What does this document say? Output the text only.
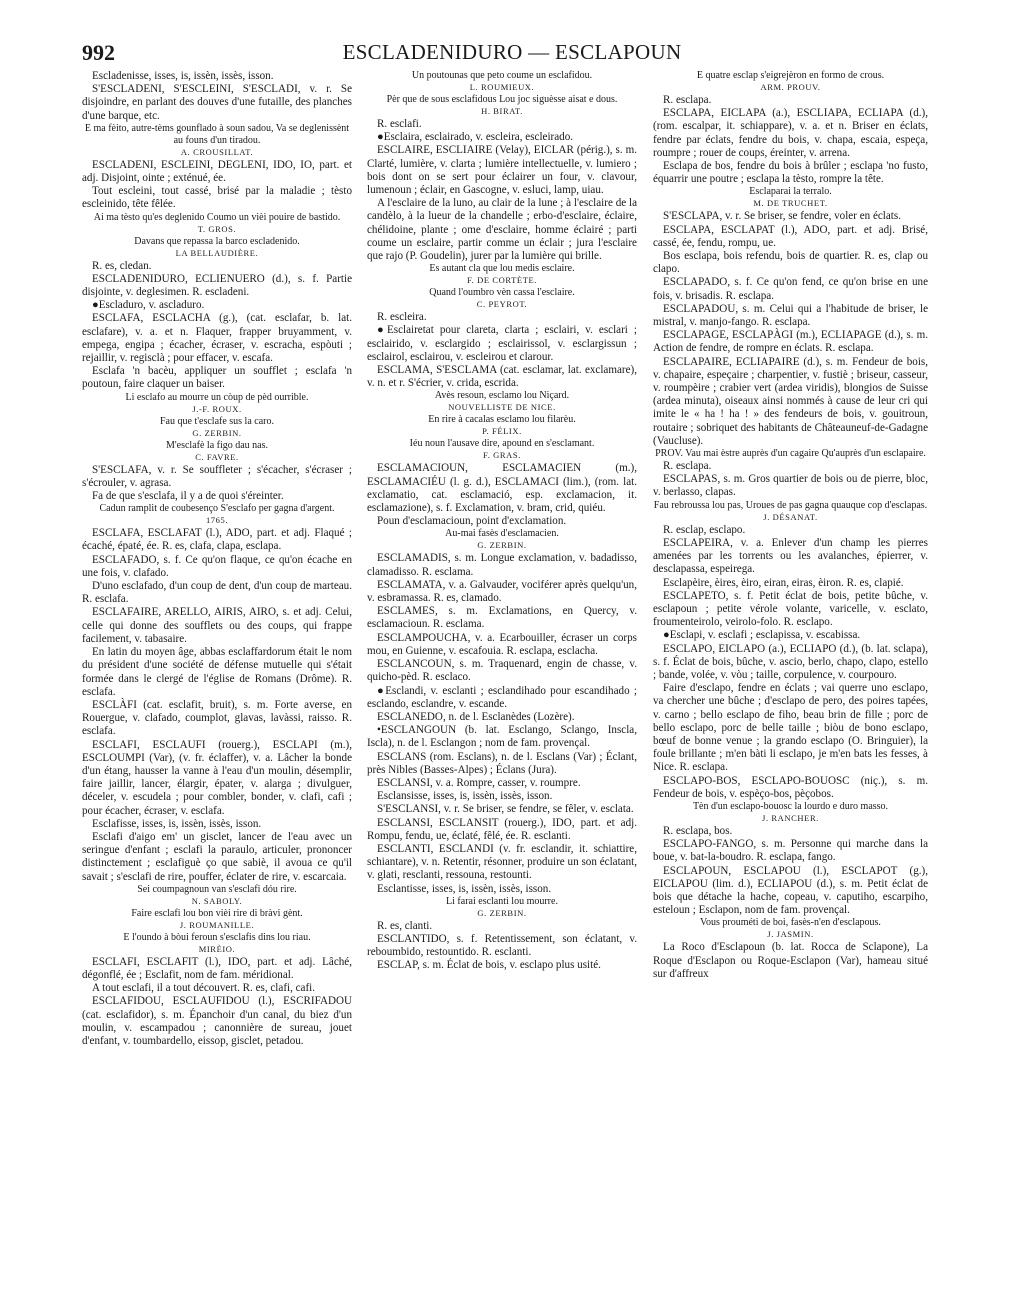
992	ESCLADENIDURO — ESCLAPOUN

Escladenisse, isses, is, issèn, issès, isson.

S'ESCLADENI, S'ESCLEINI, S'ESCLADI, v. r. Se disjoindre, en parlant des douves d'une futaille, des planches d'une barque, etc.

E ma fèito, autre-tèms gounflado à soun sadou, Va se deglenissènt au founs d'un tiradou.

A. CROUSILLAT.

ESCLADENI, ESCLEINI, DEGLENI, IDO, IO, part. et adj. Disjoint, ointe ; exténué, ée.

Tout escleini, tout cassé, brisé par la maladie ; tèsto escleinido, tête fêlée.

Ai ma tèsto qu'es deglenido Coumo un vièi pouire de bastido.

T. GROS.

Davans que repassa la barco escladenido.

LA BELLAUDIÈRE.

R. es, cledan.

ESCLADENIDURO, ECLIENUERO (d.), s. f. Partie disjointe, v. deglesimen. R. escladeni.

●Escladuro, v. ascladuro.

ESCLAFA, ESCLACHA (g.), (cat. esclafar, b. lat. esclafare), v. a. et n. Flaquer, frapper bruyamment, v. empega, engipa ; écacher, écraser, v. escracha, espòuti ; rejaillir, v. regisclà ; pour effacer, v. escafa.

Esclafa 'n bacèu, appliquer un soufflet ; esclafa 'n poutoun, faire claquer un baiser.

Li esclafo au mourre un còup de pèd ourrible.

J.-F. ROUX.

Fau que t'esclafe sus la caro.

G. ZERBIN.

M'esclafè la figo dau nas.

C. FAVRE.

S'ESCLAFA, v. r. Se souffleter ; s'écacher, s'écraser ; s'écrouler, v. agrasa.

Fa de que s'esclafa, il y a de quoi s'éreinter.

Cadun ramplit de coubesenço S'esclafo per gagna d'argent.

1765.

ESCLAFA, ESCLAFAT (l.), ADO, part. et adj. Flaqué ; écaché, épaté, ée. R. es, clafa, clapa, esclapa.

ESCLAFADO, s. f. Ce qu'on flaque, ce qu'on écache en une fois, v. clafado.

D'uno esclafado, d'un coup de dent, d'un coup de marteau. R. esclafa.

ESCLAFAIRE, ARELLO, AIRIS, AIRO, s. et adj. Celui, celle qui donne des soufflets ou des coups, qui frappe facilement, v. tabasaire.

En latin du moyen âge, abbas esclaffardorum était le nom du président d'une société de défense mutuelle qui s'était formée dans le clergé de l'église de Romans (Drôme). R. esclafa.

ESCLÀFI (cat. esclafit, bruit), s. m. Forte averse, en Rouergue, v. clafado, coumplot, glavas, lavàssi, raisso. R. esclafa.

ESCLAFI, ESCLAUFI (rouerg.), ESCLAPI (m.), ESCLOUMPI (Var), (v. fr. éclaffer), v. a. Lâcher la bonde d'un étang, hausser la vanne à l'eau d'un moulin, désemplir, faire jaillir, lancer, élargir, épater, v. alarga ; divulguer, déceler, v. escudela ; pour combler, bonder, v. clafi, cafi ; pour écacher, écraser, v. esclafa.

Esclafisse, isses, is, issèn, issès, isson.

Esclafi d'aigo em' un gisclet, lancer de l'eau avec un seringue d'enfant ; esclafi la paraulo, articuler, prononcer distinctement ; esclafiguè ço que sabiè, il avoua ce qu'il savait ; s'esclafi de rire, pouffer, éclater de rire, v. escarcaia.

Sei coumpagnoun van s'esclafi dóu rire.

N. SABOLY.

Faire esclafi lou bon vièi rire di bràvi gènt.

J. ROUMANILLE.

E l'oundo à bòui feroun s'esclafis dins lou riau.

MIRÈIO.

ESCLAFI, ESCLAFIT (l.), IDO, part. et adj. Lâché, dégonflé, ée ; Esclafit, nom de fam. méridional.

A tout esclafi, il a tout découvert. R. es, clafi, cafi.

ESCLAFIDOU, ESCLAUFIDOU (l.), ESCRIFADOU (cat. esclafidor), s. m. Épanchoir d'un canal, du biez d'un moulin, v. escampadou ; canonnière de sureau, jouet d'enfant, v. toumbardello, eissop, gisclet, petadou.

Un poutounas que peto coume un esclafidou.

L. ROUMIEUX.

Pèr que de sous esclafidous Lou joc siguèsse aisat e dous.

H. BIRAT.

R. esclafi.

●Esclaira, esclairado, v. escleira, escleirado.

ESCLAIRE, ESCLIAIRE (Velay), EICLAR (périg.), s. m. Clarté, lumière, v. clarta ; lumière intellectuelle, v. lumiero ; bois dont on se sert pour éclairer un four, v. clavour, lumenoun ; éclair, en Gascogne, v. esluci, lamp, uiau.

A l'esclaire de la luno, au clair de la lune ; à l'esclaire de la candèlo, à la lueur de la chandelle ; erbo-d'esclaire, éclaire, chélidoine, plante ; ome d'esclaire, homme éclairé ; parti coume un esclaire, partir comme un éclair ; jura l'esclaire que rajo (P. Goudelin), jurer par la lumière qui brille.

Es autant cla que lou medis esclaire.

F. DE CORTÈTE.

Quand l'oumbro vèn cassa l'esclaire.

C. PEYROT.

R. escleira.

●Esclairetat pour clareta, clarta ; esclairi, v. esclari ; esclairido, v. esclargido ; esclairissol, v. esclargissun ; esclairol, esclairou, v. escleirou et clarour.

ESCLAMA, S'ESCLAMA (cat. esclamar, lat. exclamare), v. n. et r. S'écrier, v. crida, escrida.

Avès resoun, esclamo lou Niçard.

NOUVELLISTE DE NICE.

En rire à cacalas esclamo lou filarèu.

P. FÉLIX.

Iéu noun l'ausave dire, apound en s'esclamant.

F. GRAS.

ESCLAMACIOUN, ESCLAMACIEN (m.), ESCLAMACIÉU (l. g. d.), ESCLAMACI (lim.), (rom. lat. exclamatio, cat. esclamació, esp. exclamacion, it. esclamazione), s. f. Exclamation, v. bram, crid, quiéu.

Poun d'esclamacioun, point d'exclamation.

Au-mai fasès d'esclamacien.

G. ZERBIN.

ESCLAMADIS, s. m. Longue exclamation, v. badadisso, clamadisso. R. esclama.

ESCLAMATA, v. a. Galvauder, vociférer après quelqu'un, v. esbramassa. R. es, clamado.

ESCLAMES, s. m. Exclamations, en Quercy, v. esclamacioun. R. esclama.

ESCLAMPOUCHA, v. a. Ecarbouiller, écraser un corps mou, en Guienne, v. escafouia. R. esclapa, esclacha.

ESCLANCOUN, s. m. Traquenard, engin de chasse, v. quicho-pèd. R. esclaco.

●Esclandi, v. esclanti ; esclandihado pour escandihado ; esclando, esclandre, v. escande.

ESCLANEDO, n. de l. Esclanèdes (Lozère).

•ESCLANGOUN (b. lat. Esclango, Sclango, Inscla, Iscla), n. de l. Esclangon ; nom de fam. provençal.

ESCLANS (rom. Esclans), n. de l. Esclans (Var) ; Éclant, près Nibles (Basses-Alpes) ; Éclans (Jura).

ESCLANSI, v. a. Rompre, casser, v. roumpre.

Esclansisse, isses, is, issèn, issès, isson.

S'ESCLANSI, v. r. Se briser, se fendre, se fêler, v. esclata.

ESCLANSI, ESCLANSIT (rouerg.), IDO, part. et adj. Rompu, fendu, ue, éclaté, fêlé, ée. R. esclanti.

ESCLANTI, ESCLANDI (v. fr. esclandir, it. schiattire, schiantare), v. n. Retentir, résonner, produire un son éclatant, v. glati, resclanti, ressouna, restounti.

Esclantisse, isses, is, issèn, issès, isson.

Li farai esclanti lou mourre.

G. ZERBIN.

R. es, clanti.

ESCLANTIDO, s. f. Retentissement, son éclatant, v. reboumbido, restountido. R. esclanti.

ESCLAP, s. m. Éclat de bois, v. esclapo plus usité.

E quatre esclap s'eigrejèron en formo de crous.

ARM. PROUV.

R. esclapa.

ESCLAPA, EICLAPA (a.), ESCLIAPA, ECLIAPA (d.), (rom. escalpar, it. schiappare), v. a. et n. Briser en éclats, fendre par éclats, fendre du bois, v. chapa, escaia, espeça, roumpre ; rouer de coups, éreinter, v. arrena.

Esclapa de bos, fendre du bois à brûler ; esclapa 'no fusto, équarrir une poutre ; esclapa la tèsto, rompre la tête.

Esclaparai la terralo.

M. DE TRUCHET.

S'ESCLAPA, v. r. Se briser, se fendre, voler en éclats.

ESCLAPA, ESCLAPAT (l.), ADO, part. et adj. Brisé, cassé, ée, fendu, rompu, ue.

Bos esclapa, bois refendu, bois de quartier. R. es, clap ou clapo.

ESCLAPADO, s. f. Ce qu'on fend, ce qu'on brise en une fois, v. brisadis. R. esclapa.

ESCLAPADOU, s. m. Celui qui a l'habitude de briser, le mistral, v. manjo-fango. R. esclapa.

ESCLAPAGE, ESCLAPÀGI (m.), ECLIAPAGE (d.), s. m. Action de fendre, de rompre en éclats. R. esclapa.

ESCLAPAIRE, ECLIAPAIRE (d.), s. m. Fendeur de bois, v. chapaire, espeçaire ; charpentier, v. fustiè ; briseur, casseur, v. roumpèire ; crabier vert (ardea viridis), blongios de Suisse (ardea minuta), oiseaux ainsi nommés à cause de leur cri qui imite le « ha ! ha ! » des fendeurs de bois, v. gouitroun, routaire ; sobriquet des habitants de Châteauneuf-de-Gadagne (Vaucluse).

PROV. Vau mai èstre auprès d'un cagaire Qu'auprès d'un esclapaire.

R. esclapa.

ESCLAPAS, s. m. Gros quartier de bois ou de pierre, bloc, v. berlasso, clapas.

Fau rebroussa lou pas, Uroues de pas gagna quauque cop d'esclapas.

J. DÉSANAT.

R. esclap, esclapo.

ESCLAPEIRA, v. a. Enlever d'un champ les pierres amenées par les torrents ou les avalanches, épierrer, v. desclapassa, espeirega.

Esclapèire, èires, èiro, eiran, eiras, èiron. R. es, clapié.

ESCLAPETO, s. f. Petit éclat de bois, petite bûche, v. esclapoun ; petite vérole volante, varicelle, v. esclato, froumenteirolo, veirolo-folo. R. esclapo.

●Esclapi, v. esclafi ; esclapissa, v. escabissa.

ESCLAPO, EICLAPO (a.), ECLIAPO (d.), (b. lat. sclapa), s. f. Éclat de bois, bûche, v. ascio, berlo, chapo, clapo, estello ; bande, volée, v. vòu ; taille, corpulence, v. courpouro.

Faire d'esclapo, fendre en éclats ; vai querre uno esclapo, va chercher une bûche ; d'esclapo de pero, des poires tapées, v. carno ; bello esclapo de fiho, beau brin de fille ; porc de bello esclapo, porc de belle taille ; biòu de bono esclapo, bœuf de bonne venue ; la grando esclapo (O. Bringuier), la foule brillante ; m'en bàti li esclapo, je m'en bats les fesses, à Nice. R. esclapa.

ESCLAPO-BOS, ESCLAPO-BOUOSC (niç.), s. m. Fendeur de bois, v. espèço-bos, pèçobos.

Tèn d'un esclapo-bouosc la lourdo e duro masso.

J. RANCHER.

R. esclapa, bos.

ESCLAPO-FANGO, s. m. Personne qui marche dans la boue, v. bat-la-boudro. R. esclapa, fango.

ESCLAPOUN, ESCLAPOU (l.), ESCLAPOT (g.), EICLAPOU (lim. d.), ECLIAPOU (d.), s. m. Petit éclat de bois que détache la hache, copeau, v. caputiho, escarpiho, esteloun ; Esclapon, nom de fam. provençal.

Vous prouméti de boi, fasès-n'en d'esclapous.

J. JASMIN.

La Roco d'Esclapoun (b. lat. Rocca de Sclapone), La Roque d'Esclapon ou Roque-Esclapon (Var), hameau situé sur d'affreux
